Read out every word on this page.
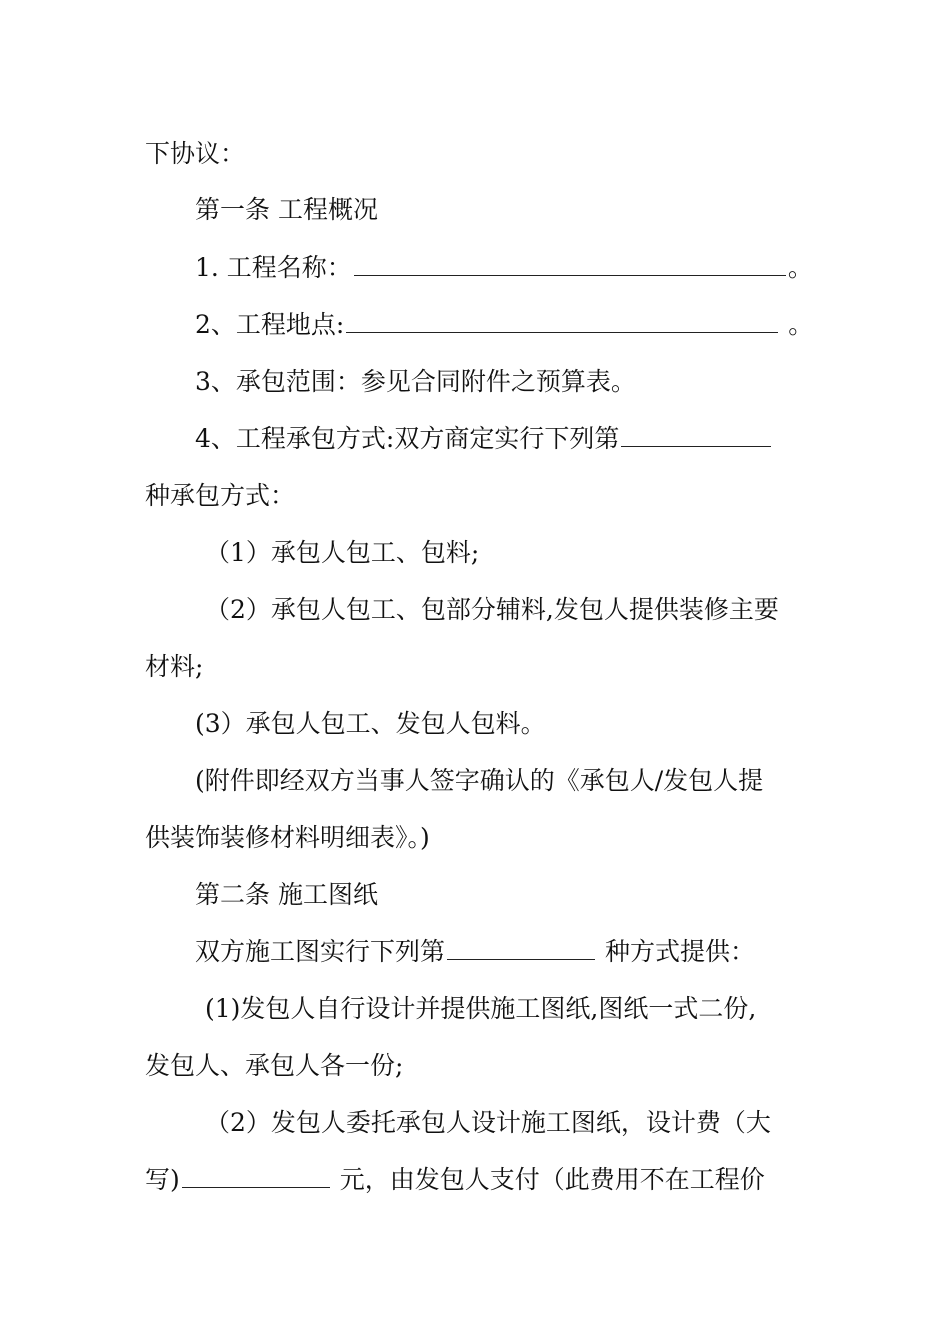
下协议：
第一条 工程概况
1. 工程名称：	。
2、工程地点:	。
3、承包范围：参见合同附件之预算表。
4、工程承包方式:双方商定实行下列第
种承包方式：
（1）承包人包工、包料;
（2）承包人包工、包部分辅料,发包人提供装修主要
材料;
(3）承包人包工、发包人包料。
(附件即经双方当事人签字确认的《承包人/发包人提
供装饰装修材料明细表》。)
第二条 施工图纸
双方施工图实行下列第	种方式提供：
(1)发包人自行设计并提供施工图纸,图纸一式二份,
发包人、承包人各一份;
（2）发包人委托承包人设计施工图纸，设计费（大
写)	元，由发包人支付（此费用不在工程价
